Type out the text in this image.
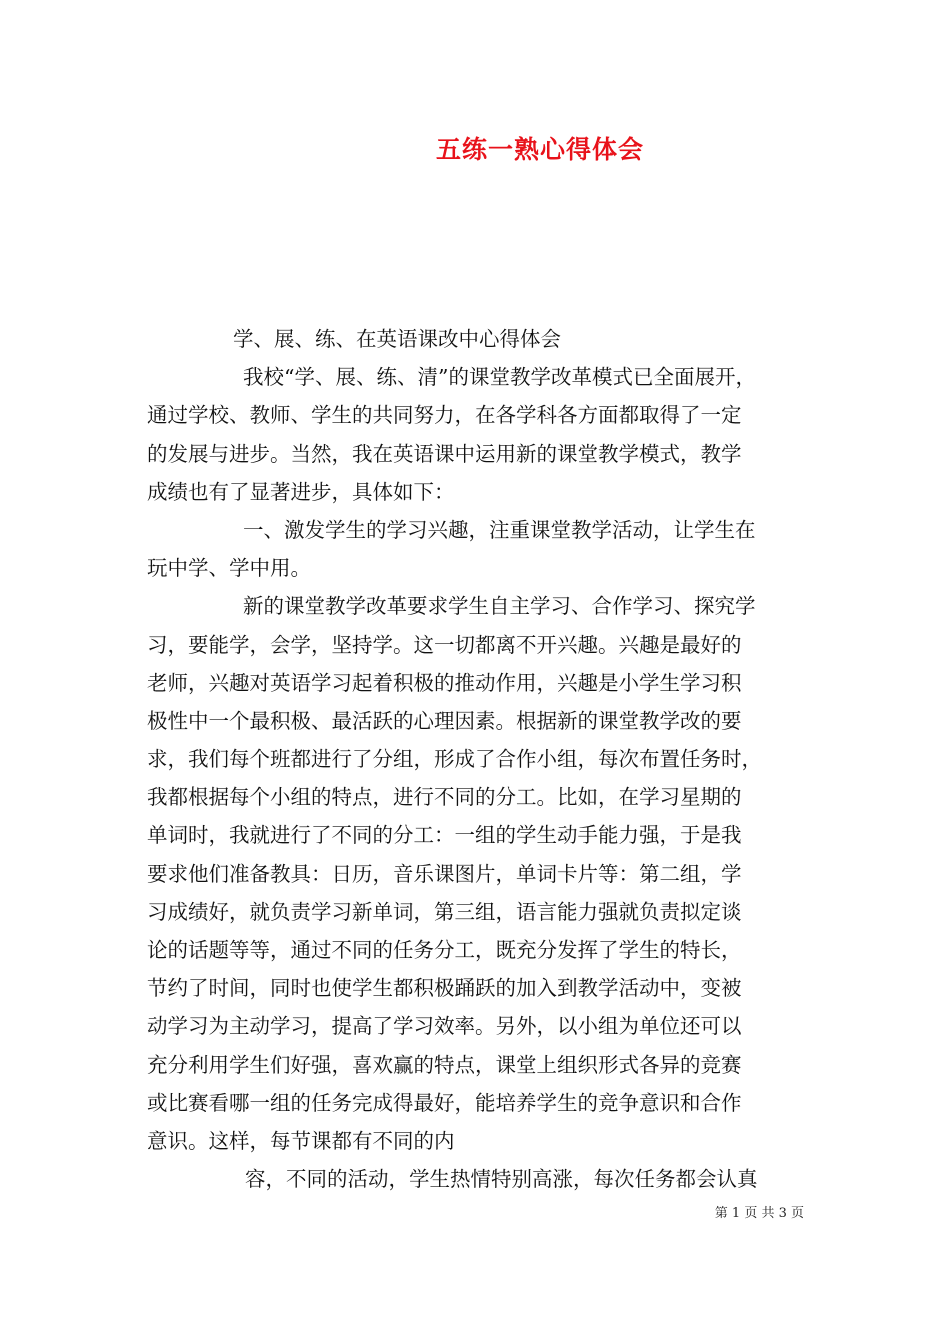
五练一熟心得体会
学、展、练、在英语课改中心得体会
我校“学、展、练、清”的课堂教学改革模式已全面展开，
通过学校、教师、学生的共同努力，在各学科各方面都取得了一定
的发展与进步。当然，我在英语课中运用新的课堂教学模式，教学
成绩也有了显著进步，具体如下：
一、激发学生的学习兴趣，注重课堂教学活动，让学生在
玩中学、学中用。
新的课堂教学改革要求学生自主学习、合作学习、探究学
习，要能学，会学，坚持学。这一切都离不开兴趣。兴趣是最好的
老师，兴趣对英语学习起着积极的推动作用，兴趣是小学生学习积
极性中一个最积极、最活跃的心理因素。根据新的课堂教学改的要
求，我们每个班都进行了分组，形成了合作小组，每次布置任务时，
我都根据每个小组的特点，进行不同的分工。比如，在学习星期的
单词时，我就进行了不同的分工：一组的学生动手能力强，于是我
要求他们准备教具：日历，音乐课图片，单词卡片等：第二组，学
习成绩好，就负责学习新单词，第三组，语言能力强就负责拟定谈
论的话题等等，通过不同的任务分工，既充分发挥了学生的特长，
节约了时间，同时也使学生都积极踊跃的加入到教学活动中，变被
动学习为主动学习，提高了学习效率。另外，以小组为单位还可以
充分利用学生们好强，喜欢赢的特点，课堂上组织形式各异的竞赛
或比赛看哪一组的任务完成得最好，能培养学生的竞争意识和合作
意识。这样，每节课都有不同的内
容，不同的活动，学生热情特别高涨，每次任务都会认真
第 1 页 共 3 页
